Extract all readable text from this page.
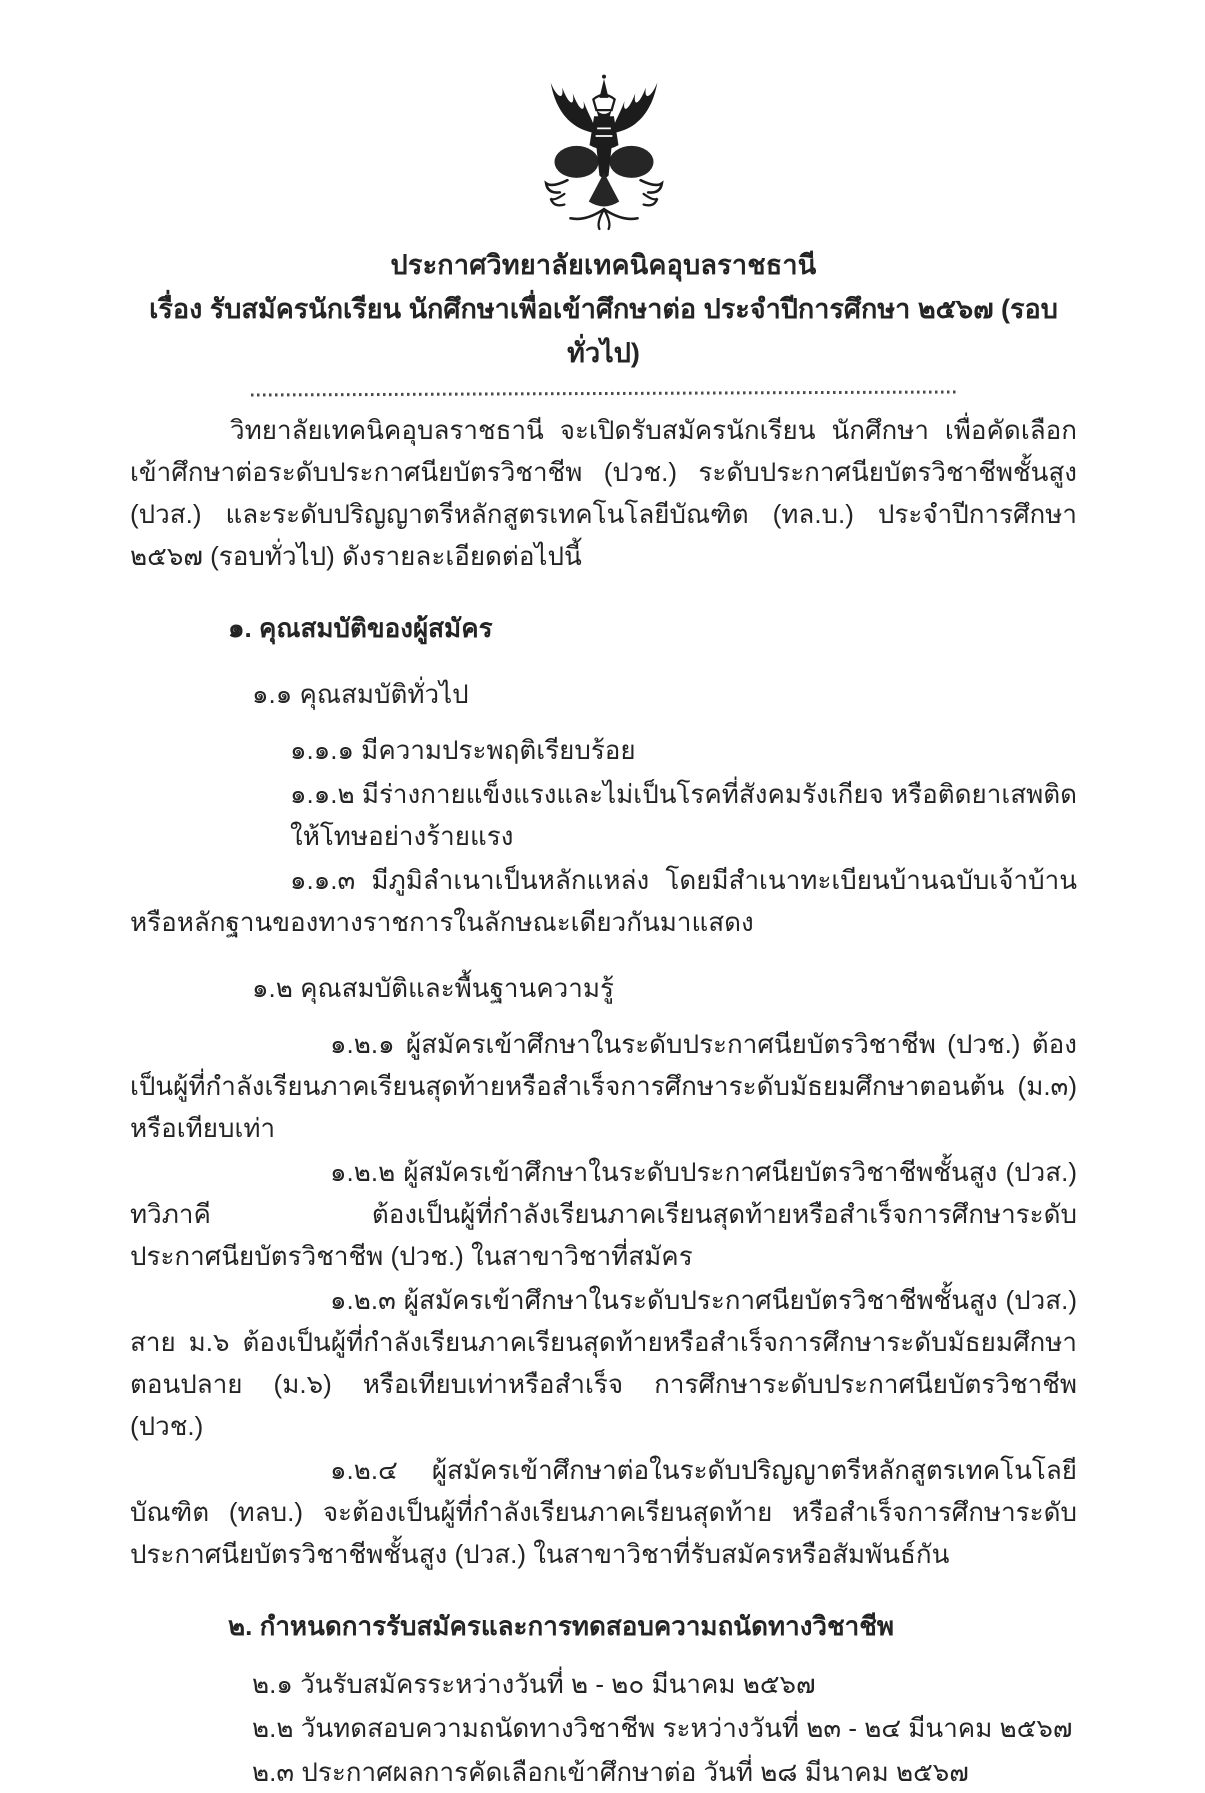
ประกาศวิทยาลัยเทคนิคอุบลราชธานี
เรื่อง รับสมัครนักเรียน นักศึกษาเพื่อเข้าศึกษาต่อ ประจำปีการศึกษา ๒๕๖๗ (รอบทั่วไป)

วิทยาลัยเทคนิคอุบลราชธานี จะเปิดรับสมัครนักเรียน นักศึกษา เพื่อคัดเลือกเข้าศึกษาต่อระดับประกาศนียบัตรวิชาชีพ (ปวช.) ระดับประกาศนียบัตรวิชาชีพชั้นสูง (ปวส.) และระดับปริญญาตรีหลักสูตรเทคโนโลยีบัณฑิต (ทล.บ.) ประจำปีการศึกษา ๒๕๖๗ (รอบทั่วไป) ดังรายละเอียดต่อไปนี้

๑. คุณสมบัติของผู้สมัคร

๑.๑ คุณสมบัติทั่วไป

๑.๑.๑ มีความประพฤติเรียบร้อย

๑.๑.๒ มีร่างกายแข็งแรงและไม่เป็นโรคที่สังคมรังเกียจ หรือติดยาเสพติดให้โทษอย่างร้ายแรง

๑.๑.๓ มีภูมิลำเนาเป็นหลักแหล่ง โดยมีสำเนาทะเบียนบ้านฉบับเจ้าบ้านหรือหลักฐานของทางราชการในลักษณะเดียวกันมาแสดง

๑.๒ คุณสมบัติและพื้นฐานความรู้

๑.๒.๑ ผู้สมัครเข้าศึกษาในระดับประกาศนียบัตรวิชาชีพ (ปวช.) ต้องเป็นผู้ที่กำลังเรียนภาคเรียนสุดท้ายหรือสำเร็จการศึกษาระดับมัธยมศึกษาตอนต้น (ม.๓) หรือเทียบเท่า

๑.๒.๒ ผู้สมัครเข้าศึกษาในระดับประกาศนียบัตรวิชาชีพชั้นสูง (ปวส.) ทวิภาคี ต้องเป็นผู้ที่กำลังเรียนภาคเรียนสุดท้ายหรือสำเร็จการศึกษาระดับประกาศนียบัตรวิชาชีพ (ปวช.) ในสาขาวิชาที่สมัคร

๑.๒.๓ ผู้สมัครเข้าศึกษาในระดับประกาศนียบัตรวิชาชีพชั้นสูง (ปวส.) สาย ม.๖ ต้องเป็นผู้ที่กำลังเรียนภาคเรียนสุดท้ายหรือสำเร็จการศึกษาระดับมัธยมศึกษาตอนปลาย (ม.๖) หรือเทียบเท่าหรือสำเร็จ การศึกษาระดับประกาศนียบัตรวิชาชีพ (ปวช.)

๑.๒.๔ ผู้สมัครเข้าศึกษาต่อในระดับปริญญาตรีหลักสูตรเทคโนโลยีบัณฑิต (ทลบ.) จะต้องเป็นผู้ที่กำลังเรียนภาคเรียนสุดท้าย หรือสำเร็จการศึกษาระดับประกาศนียบัตรวิชาชีพชั้นสูง (ปวส.) ในสาขาวิชาที่รับสมัครหรือสัมพันธ์กัน

๒. กำหนดการรับสมัครและการทดสอบความถนัดทางวิชาชีพ

๒.๑ วันรับสมัครระหว่างวันที่ ๒ - ๒๐ มีนาคม ๒๕๖๗

๒.๒ วันทดสอบความถนัดทางวิชาชีพ ระหว่างวันที่ ๒๓ - ๒๔ มีนาคม ๒๕๖๗

๒.๓ ประกาศผลการคัดเลือกเข้าศึกษาต่อ วันที่ ๒๘ มีนาคม ๒๕๖๗
